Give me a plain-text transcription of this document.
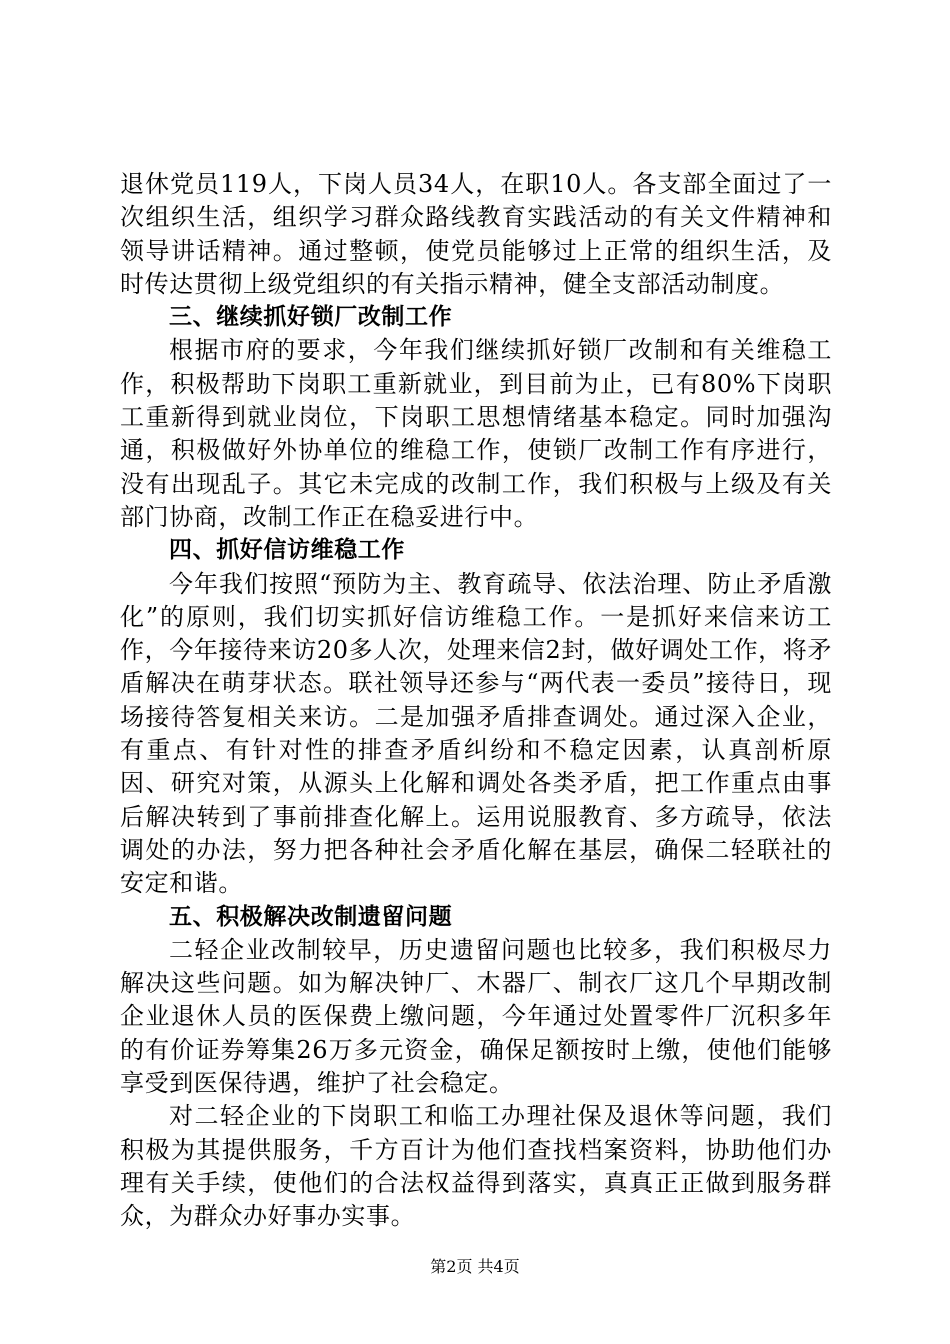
退休党员119人，下岗人员34人，在职10人。各支部全面过了一次组织生活，组织学习群众路线教育实践活动的有关文件精神和领导讲话精神。通过整顿，使党员能够过上正常的组织生活，及时传达贯彻上级党组织的有关指示精神，健全支部活动制度。

三、继续抓好锁厂改制工作

根据市府的要求，今年我们继续抓好锁厂改制和有关维稳工作，积极帮助下岗职工重新就业，到目前为止，已有80%下岗职工重新得到就业岗位，下岗职工思想情绪基本稳定。同时加强沟通，积极做好外协单位的维稳工作，使锁厂改制工作有序进行，没有出现乱子。其它未完成的改制工作，我们积极与上级及有关部门协商，改制工作正在稳妥进行中。

四、抓好信访维稳工作

今年我们按照“预防为主、教育疏导、依法治理、防止矛盾激化”的原则，我们切实抓好信访维稳工作。一是抓好来信来访工作，今年接待来访20多人次，处理来信2封，做好调处工作，将矛盾解决在萌芽状态。联社领导还参与“两代表一委员”接待日，现场接待答复相关来访。二是加强矛盾排查调处。通过深入企业，有重点、有针对性的排查矛盾纠纷和不稳定因素，认真剖析原因、研究对策，从源头上化解和调处各类矛盾，把工作重点由事后解决转到了事前排查化解上。运用说服教育、多方疏导，依法调处的办法，努力把各种社会矛盾化解在基层，确保二轻联社的安定和谐。

五、积极解决改制遗留问题

二轻企业改制较早，历史遗留问题也比较多，我们积极尽力解决这些问题。如为解决钟厂、木器厂、制衣厂这几个早期改制企业退休人员的医保费上缴问题，今年通过处置零件厂沉积多年的有价证券筹集26万多元资金，确保足额按时上缴，使他们能够享受到医保待遇，维护了社会稳定。

对二轻企业的下岗职工和临工办理社保及退休等问题，我们积极为其提供服务，千方百计为他们查找档案资料，协助他们办理有关手续，使他们的合法权益得到落实，真真正正做到服务群众，为群众办好事办实事。

第2页 共4页
